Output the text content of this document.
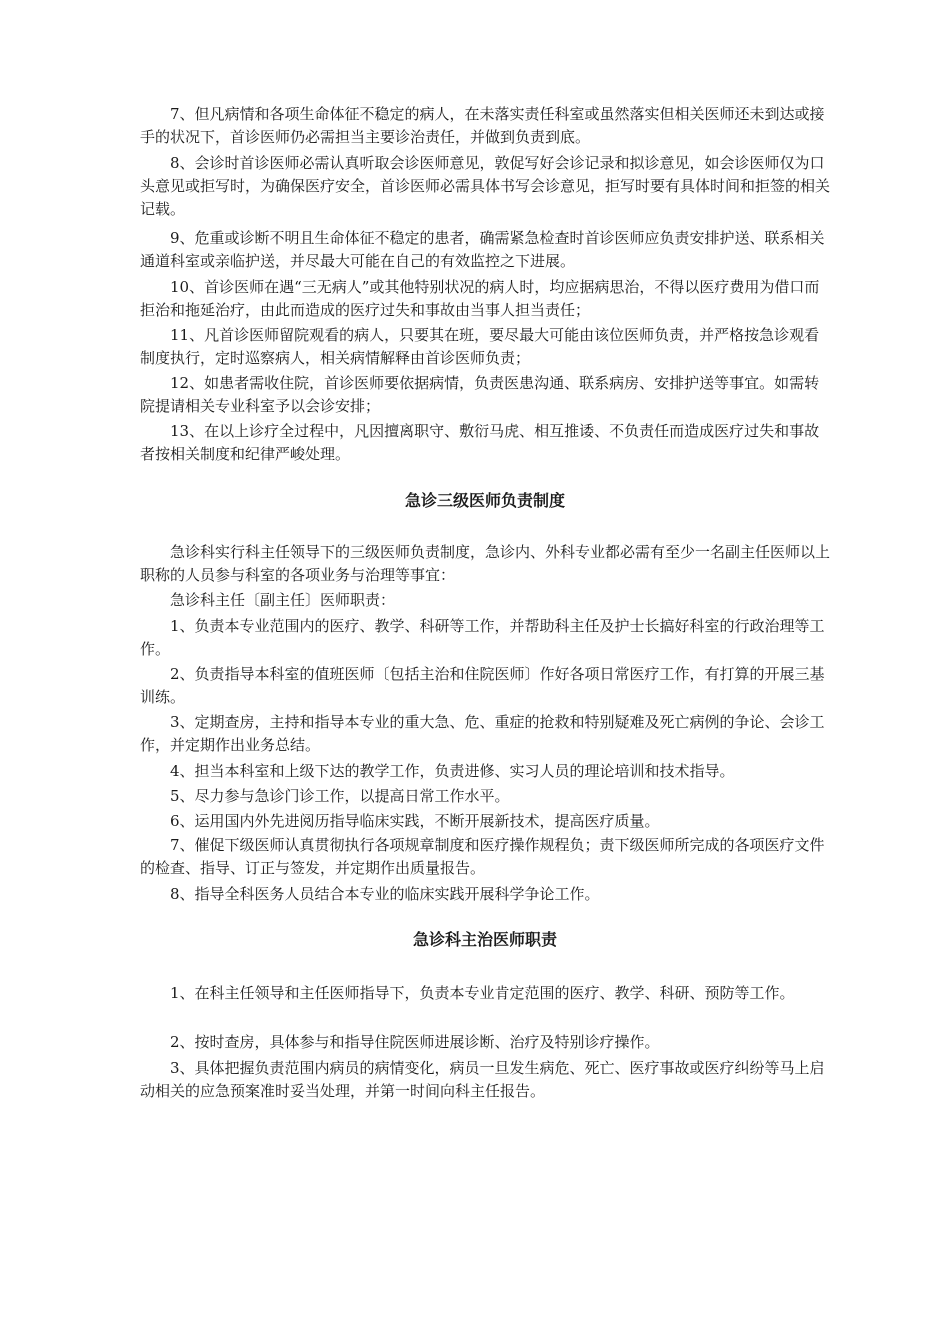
7、但凡病情和各项生命体征不稳定的病人，在未落实责任科室或虽然落实但相关医师还未到达或接手的状况下，首诊医师仍必需担当主要诊治责任，并做到负责到底。

8、会诊时首诊医师必需认真听取会诊医师意见，敦促写好会诊记录和拟诊意见，如会诊医师仅为口头意见或拒写时，为确保医疗安全，首诊医师必需具体书写会诊意见，拒写时要有具体时间和拒签的相关记载。

9、危重或诊断不明且生命体征不稳定的患者，确需紧急检查时首诊医师应负责安排护送、联系相关通道科室或亲临护送，并尽最大可能在自己的有效监控之下进展。

10、首诊医师在遇“三无病人”或其他特别状况的病人时，均应据病思治，不得以医疗费用为借口而拒治和拖延治疗，由此而造成的医疗过失和事故由当事人担当责任；

11、凡首诊医师留院观看的病人，只要其在班，要尽最大可能由该位医师负责，并严格按急诊观看制度执行，定时巡察病人，相关病情解释由首诊医师负责；

12、如患者需收住院，首诊医师要依据病情，负责医患沟通、联系病房、安排护送等事宜。如需转院提请相关专业科室予以会诊安排；

13、在以上诊疗全过程中，凡因擅离职守、敷衍马虎、相互推诿、不负责任而造成医疗过失和事故者按相关制度和纪律严峻处理。

急诊三级医师负责制度

急诊科实行科主任领导下的三级医师负责制度，急诊内、外科专业都必需有至少一名副主任医师以上职称的人员参与科室的各项业务与治理等事宜：

急诊科主任〔副主任〕医师职责：

1、负责本专业范围内的医疗、教学、科研等工作，并帮助科主任及护士长搞好科室的行政治理等工作。

2、负责指导本科室的值班医师〔包括主治和住院医师〕作好各项日常医疗工作，有打算的开展三基训练。

3、定期查房，主持和指导本专业的重大急、危、重症的抢救和特别疑难及死亡病例的争论、会诊工作，并定期作出业务总结。

4、担当本科室和上级下达的教学工作，负责进修、实习人员的理论培训和技术指导。

5、尽力参与急诊门诊工作，以提高日常工作水平。

6、运用国内外先进阅历指导临床实践，不断开展新技术，提高医疗质量。

7、催促下级医师认真贯彻执行各项规章制度和医疗操作规程负；责下级医师所完成的各项医疗文件的检查、指导、订正与签发，并定期作出质量报告。

8、指导全科医务人员结合本专业的临床实践开展科学争论工作。

急诊科主治医师职责

1、在科主任领导和主任医师指导下，负责本专业肯定范围的医疗、教学、科研、预防等工作。

2、按时查房，具体参与和指导住院医师进展诊断、治疗及特别诊疗操作。

3、具体把握负责范围内病员的病情变化，病员一旦发生病危、死亡、医疗事故或医疗纠纷等马上启动相关的应急预案准时妥当处理，并第一时间向科主任报告。
